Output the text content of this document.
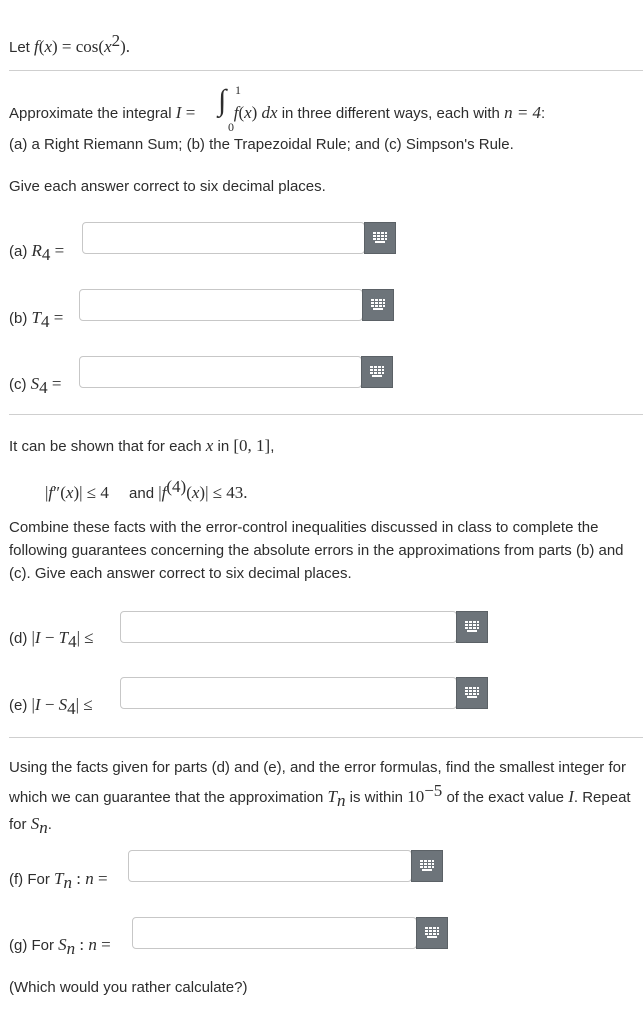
Let $f(x) = \cos(x^2)$.
Approximate the integral I =  f(x) dx in three different ways, each with n = 4:
∫ 1
0
(a) a Right Riemann Sum; (b) the Trapezoidal Rule; and (c) Simpson's Rule.
Give each answer correct to six decimal places.
(a) $R_4$ =
(b) $T_4$ =
(c) $S_4$ =
It can be shown that for each x in [0, 1],
|f″(x)| ≤ 4 and $|f^{(4)}(x)| \le 43$.
Combine these facts with the error-control inequalities discussed in class to complete the following guarantees concerning the absolute errors in the approximations from parts (b) and (c). Give each answer correct to six decimal places.
(d) $|I - T_4|$ ≤
(e) $|I - S_4|$ ≤
Using the facts given for parts (d) and (e), and the error formulas, find the smallest integer for which we can guarantee that the approximation $T_n$ is within $10^{-5}$ of the exact value I. Repeat for $S_n$.
(f) For $T_n$ : n =
(g) For $S_n$ : n =
(Which would you rather calculate?)
